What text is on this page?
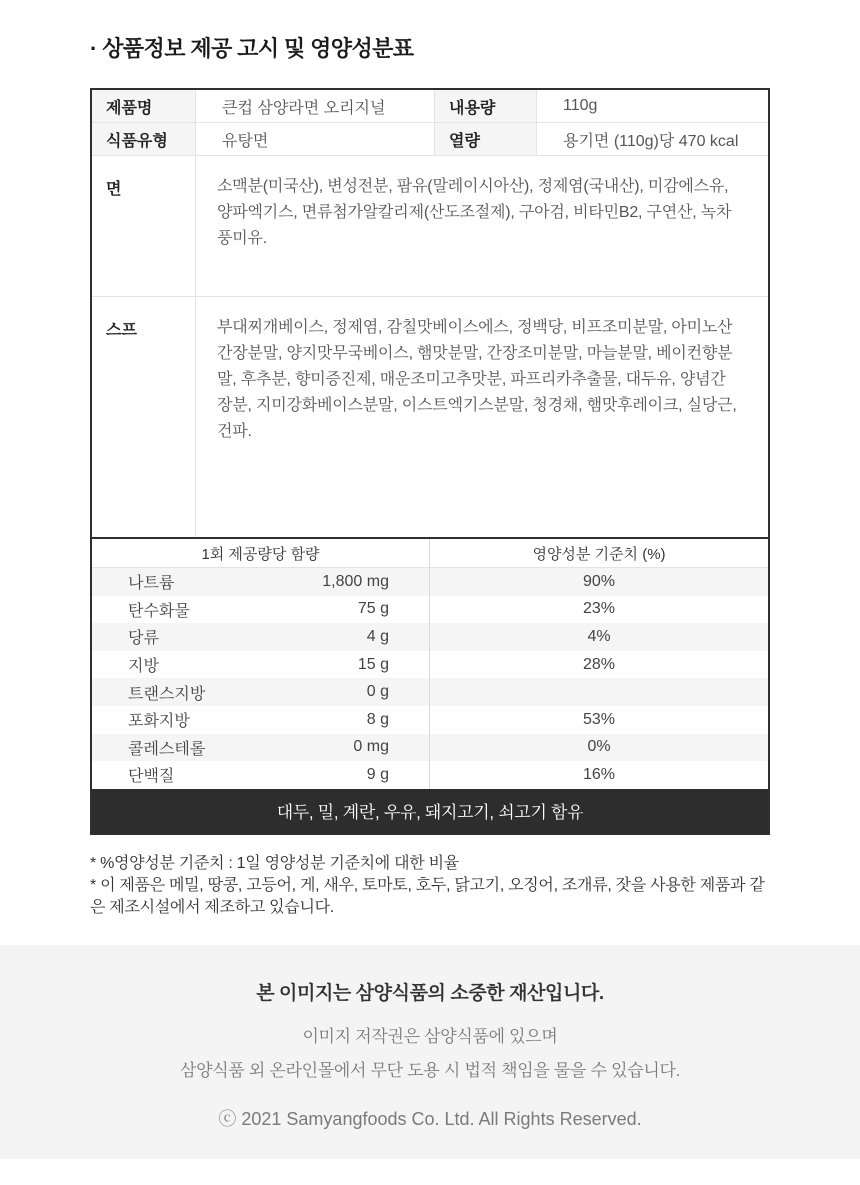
· 상품정보 제공 고시 및 영양성분표
제품명	큰컵 삼양라면 오리지널	내용량	110g
식품유형	유탕면	열량	용기면 (110g)당 470 kcal
면	소맥분(미국산), 변성전분, 팜유(말레이시아산), 정제염(국내산), 미감에스유, 양파엑기스, 면류첨가알칼리제(산도조절제), 구아검, 비타민B2, 구연산, 녹차풍미유.
스프	부대찌개베이스, 정제염, 감칠맛베이스에스, 정백당, 비프조미분말, 아미노산간장분말, 양지맛무국베이스, 햄맛분말, 간장조미분말, 마늘분말, 베이컨향분말, 후추분, 향미증진제, 매운조미고추맛분, 파프리카추출물, 대두유, 양념간장분, 지미강화베이스분말, 이스트엑기스분말, 청경채, 햄맛후레이크, 실당근, 건파.
1회 제공량당 함량	영양성분 기준치 (%)
나트륨	1,800 mg	90%
탄수화물	75 g	23%
당류	4 g	4%
지방	15 g	28%
트랜스지방	0 g
포화지방	8 g	53%
콜레스테롤	0 mg	0%
단백질	9 g	16%
대두, 밀, 계란, 우유, 돼지고기, 쇠고기 함유

* %영양성분 기준치 : 1일 영양성분 기준치에 대한 비율

* 이 제품은 메밀, 땅콩, 고등어, 게, 새우, 토마토, 호두, 닭고기, 오징어, 조개류, 잣을 사용한 제품과 같은 제조시설에서 제조하고 있습니다.

본 이미지는 삼양식품의 소중한 재산입니다.
이미지 저작권은 삼양식품에 있으며
삼양식품 외 온라인몰에서 무단 도용 시 법적 책임을 물을 수 있습니다.
ⓒ 2021 Samyangfoods Co. Ltd. All Rights Reserved.
